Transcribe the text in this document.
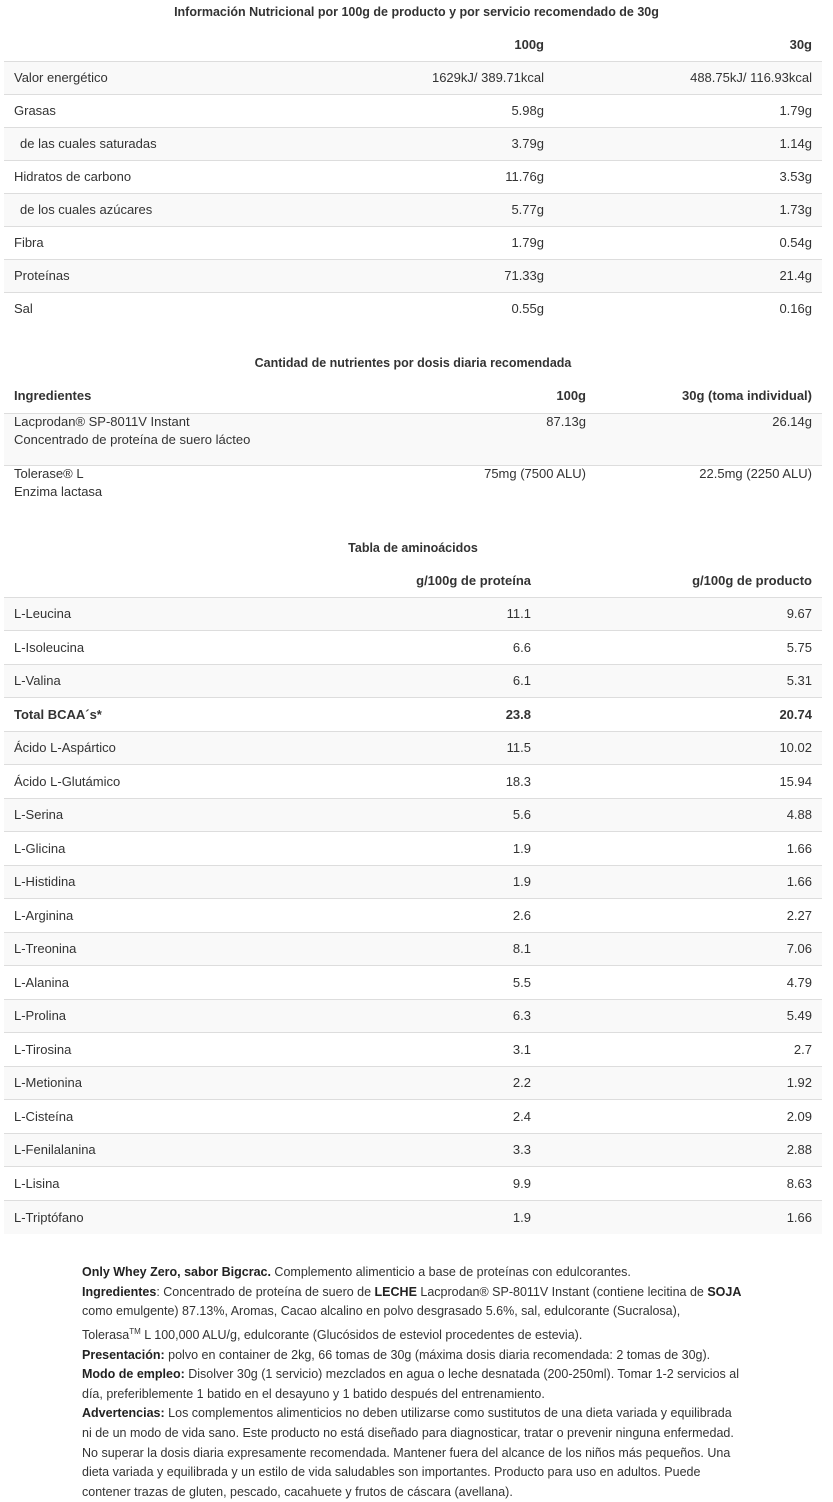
Información Nutricional por 100g de producto y por servicio recomendado de 30g
	100g	30g
Valor energético	1629kJ/ 389.71kcal	488.75kJ/ 116.93kcal
Grasas	5.98g	1.79g
de las cuales saturadas	3.79g	1.14g
Hidratos de carbono	11.76g	3.53g
de los cuales azúcares	5.77g	1.73g
Fibra	1.79g	0.54g
Proteínas	71.33g	21.4g
Sal	0.55g	0.16g
Cantidad de nutrientes por dosis diaria recomendada
Ingredientes	100g	30g (toma individual)
Lacprodan® SP-8011V Instant
Concentrado de proteína de suero lácteo	87.13g	26.14g
Tolerase® L
Enzima lactasa	75mg (7500 ALU)	22.5mg (2250 ALU)
Tabla de aminoácidos
	g/100g de proteína	g/100g de producto
L-Leucina	11.1	9.67
L-Isoleucina	6.6	5.75
L-Valina	6.1	5.31
Total BCAA´s*	23.8	20.74
Ácido L-Aspártico	11.5	10.02
Ácido L-Glutámico	18.3	15.94
L-Serina	5.6	4.88
L-Glicina	1.9	1.66
L-Histidina	1.9	1.66
L-Arginina	2.6	2.27
L-Treonina	8.1	7.06
L-Alanina	5.5	4.79
L-Prolina	6.3	5.49
L-Tirosina	3.1	2.7
L-Metionina	2.2	1.92
L-Cisteína	2.4	2.09
L-Fenilalanina	3.3	2.88
L-Lisina	9.9	8.63
L-Triptófano	1.9	1.66

Only Whey Zero, sabor Bigcrac. Complemento alimenticio a base de proteínas con edulcorantes.
Ingredientes: Concentrado de proteína de suero de LECHE Lacprodan® SP-8011V Instant (contiene lecitina de SOJA como emulgente) 87.13%, Aromas, Cacao alcalino en polvo desgrasado 5.6%, sal, edulcorante (Sucralosa), Tolerasa™ L 100,000 ALU/g, edulcorante (Glucósidos de esteviol procedentes de estevia).
Presentación: polvo en container de 2kg, 66 tomas de 30g (máxima dosis diaria recomendada: 2 tomas de 30g).
Modo de empleo: Disolver 30g (1 servicio) mezclados en agua o leche desnatada (200-250ml). Tomar 1-2 servicios al día, preferiblemente 1 batido en el desayuno y 1 batido después del entrenamiento.
Advertencias: Los complementos alimenticios no deben utilizarse como sustitutos de una dieta variada y equilibrada ni de un modo de vida sano. Este producto no está diseñado para diagnosticar, tratar o prevenir ninguna enfermedad. No superar la dosis diaria expresamente recomendada. Mantener fuera del alcance de los niños más pequeños. Una dieta variada y equilibrada y un estilo de vida saludables son importantes. Producto para uso en adultos. Puede contener trazas de gluten, pescado, cacahuete y frutos de cáscara (avellana).
